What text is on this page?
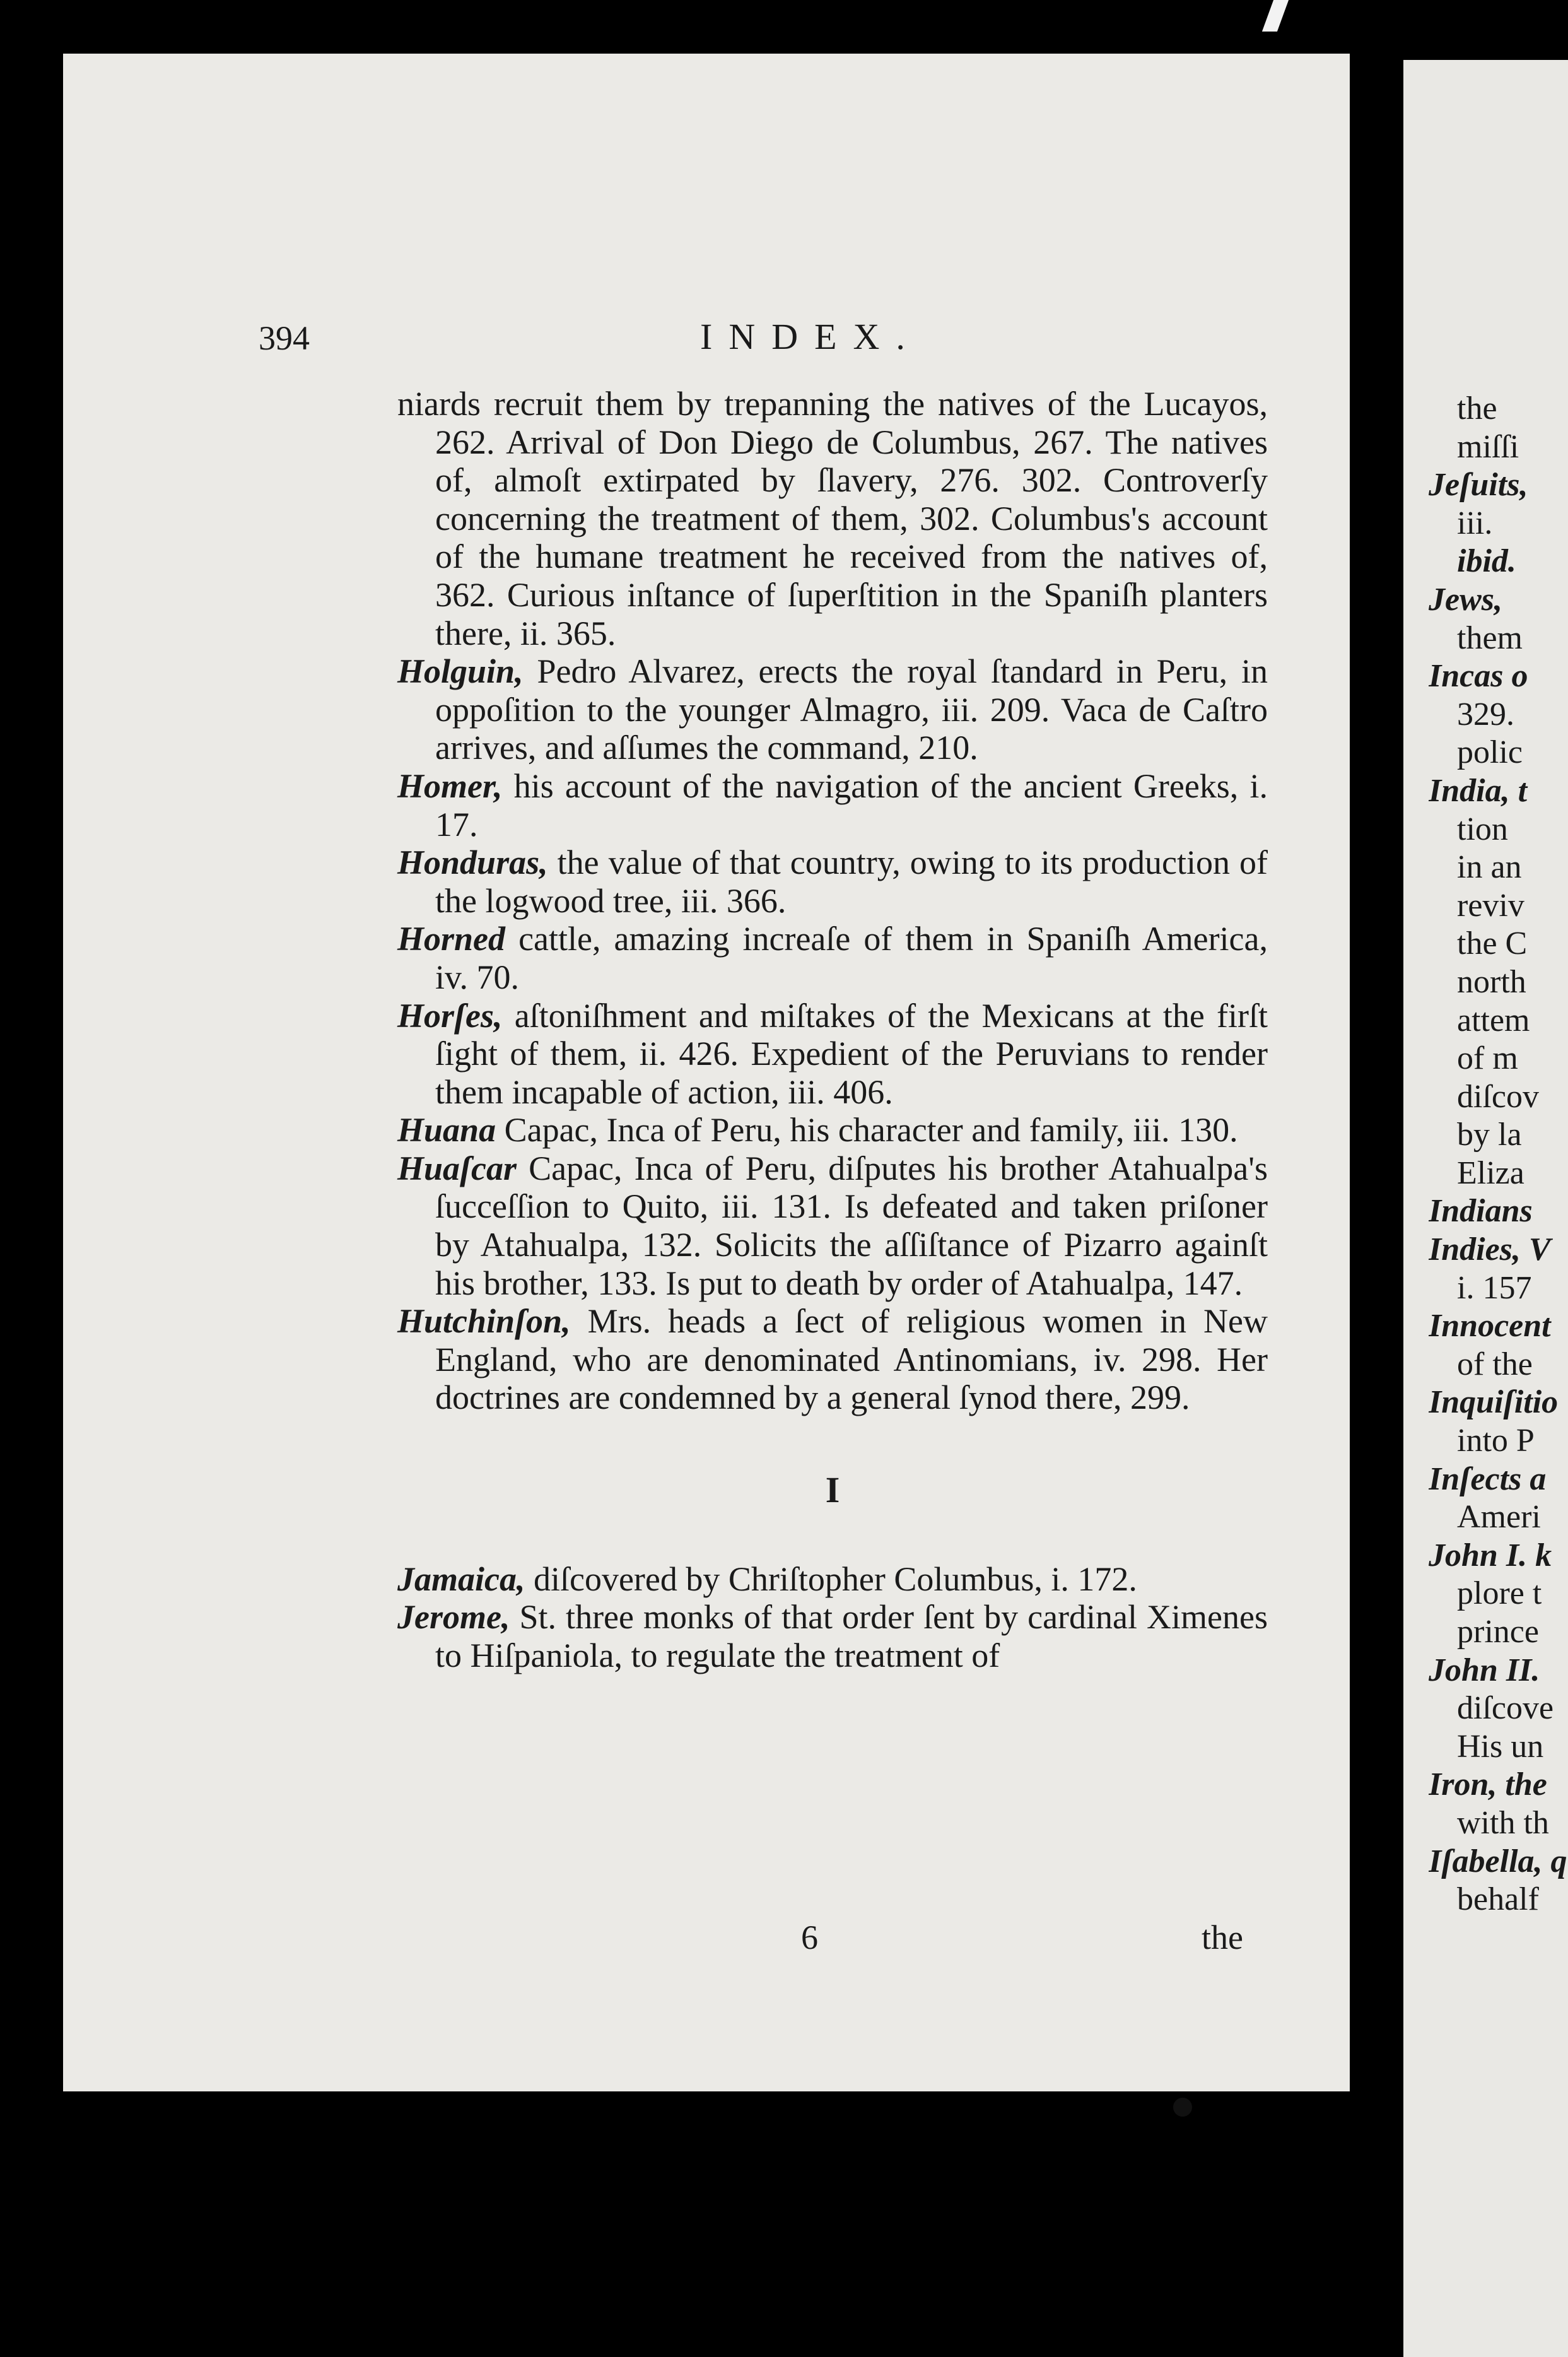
394	INDEX.

niards recruit them by trepanning the natives of the Lucayos, 262. Arrival of Don Diego de Columbus, 267. The natives of, almoſt extirpated by ſlavery, 276. 302. Controverſy concerning the treatment of them, 302. Columbus's account of the humane treatment he received from the natives of, 362. Curious inſtance of ſuperſtition in the Spaniſh planters there, ii. 365.

Holguin, Pedro Alvarez, erects the royal ſtandard in Peru, in oppoſition to the younger Almagro, iii. 209. Vaca de Caſtro arrives, and aſſumes the command, 210.

Homer, his account of the navigation of the ancient Greeks, i. 17.

Honduras, the value of that country, owing to its production of the logwood tree, iii. 366.

Horned cattle, amazing increaſe of them in Spaniſh America, iv. 70.

Horſes, aſtoniſhment and miſtakes of the Mexicans at the firſt ſight of them, ii. 426. Expedient of the Peruvians to render them incapable of action, iii. 406.

Huana Capac, Inca of Peru, his character and family, iii. 130.

Huaſcar Capac, Inca of Peru, diſputes his brother Atahualpa's ſucceſſion to Quito, iii. 131. Is defeated and taken priſoner by Atahualpa, 132. Solicits the aſſiſtance of Pizarro againſt his brother, 133. Is put to death by order of Atahualpa, 147.

Hutchinſon, Mrs. heads a ſect of religious women in New England, who are denominated Antinomians, iv. 298. Her doctrines are condemned by a general ſynod there, 299.

I

Jamaica, diſcovered by Chriſtopher Columbus, i. 172.

Jerome, St. three monks of that order ſent by cardinal Ximenes to Hiſpaniola, to regulate the treatment of

6	the
the
miſſi
Jeſuits,
iii.
ibid.
Jews,
them
Incas o
329.
polic
India, t
tion
in an
reviv
the C
north
attem
of m
diſcov
by la
Eliza
Indians
Indies, V
i. 157
Innocent
of the
Inquiſitio
into P
Inſects a
Ameri
John I. k
plore t
prince
John II.
diſcove
His un
Iron, the
with th
Iſabella, q
behalf
